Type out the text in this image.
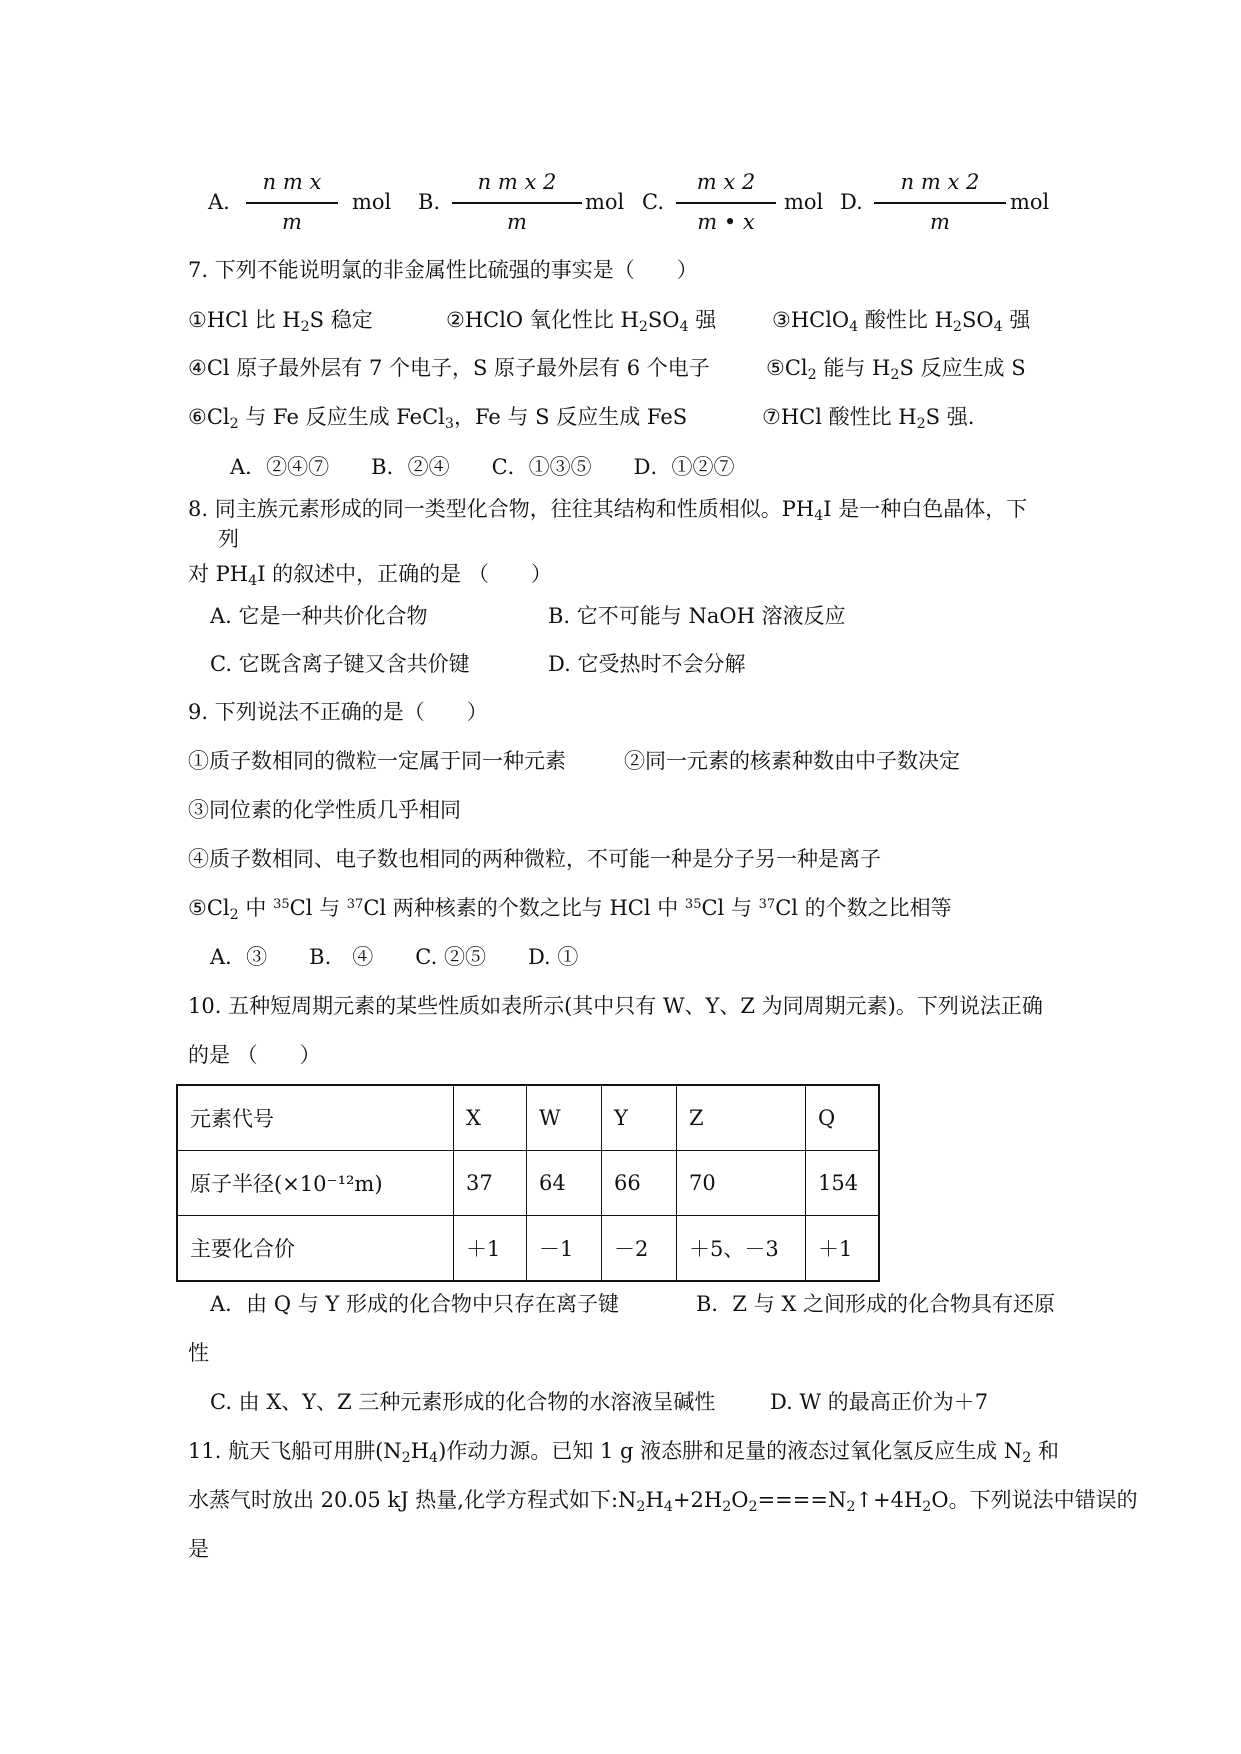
A.
n m x
m
mol B.
n m x 2
m
mol C.
m x 2
m • x
mol D.
n m x 2
m
mol
7. 下列不能说明氯的非金属性比硫强的事实是（　　）
①HCl 比 $H_2S$ 稳定	②HClO 氧化性比 $H_2SO_4$ 强	③HClO$_4$ 酸性比 $H_2SO_4$ 强
④Cl 原子最外层有 7 个电子，S 原子最外层有 6 个电子	$⑤Cl_2$ 能与 $H_2S$ 反应生成 S
$⑥Cl_2$ 与 Fe 反应生成 FeCl$_3$，Fe 与 S 反应生成 FeS	⑦HCl 酸性比 $H_2S$ 强.
A．②④⑦　　B．②④　　C．①③⑤　　D．①②⑦
8. 同主族元素形成的同一类型化合物，往往其结构和性质相似。$PH_4I$ 是一种白色晶体，下
列
对 $PH_4I$ 的叙述中，正确的是 （　　）
A. 它是一种共价化合物	B. 它不可能与 NaOH 溶液反应
C. 它既含离子键又含共价键	D. 它受热时不会分解
9. 下列说法不正确的是（　　）
①质子数相同的微粒一定属于同一种元素	②同一元素的核素种数由中子数决定
③同位素的化学性质几乎相同
④质子数相同、电子数也相同的两种微粒，不可能一种是分子另一种是离子
$⑤Cl_2$ 中 $^{35}$Cl 与 $^{37}$Cl 两种核素的个数之比与 HCl 中 $^{35}$Cl 与 $^{37}$Cl 的个数之比相等
A．③　　B.　④　　C. ②⑤　　D. ①
10. 五种短周期元素的某些性质如表所示(其中只有 W、Y、Z 为同周期元素)。下列说法正确
的是 （　　）
元素代号	X	W	Y	Z	Q
原子半径(×10⁻¹²m)	37	64	66	70	154
主要化合价	＋1	－1	－2	＋5、－3	＋1
A．由 Q 与 Y 形成的化合物中只存在离子键	B．Z 与 X 之间形成的化合物具有还原
性
C. 由 X、Y、Z 三种元素形成的化合物的水溶液呈碱性	D. W 的最高正价为＋7
11. 航天飞船可用肼$(N_2H_4)$作动力源。已知 1 g 液态肼和足量的液态过氧化氢反应生成 $N_2$ 和
水蒸气时放出 20.05 kJ 热量,化学方程式如下$:N_2H_4+2H_2O_2====N_2↑+4H_2O$。下列说法中错误的
是
